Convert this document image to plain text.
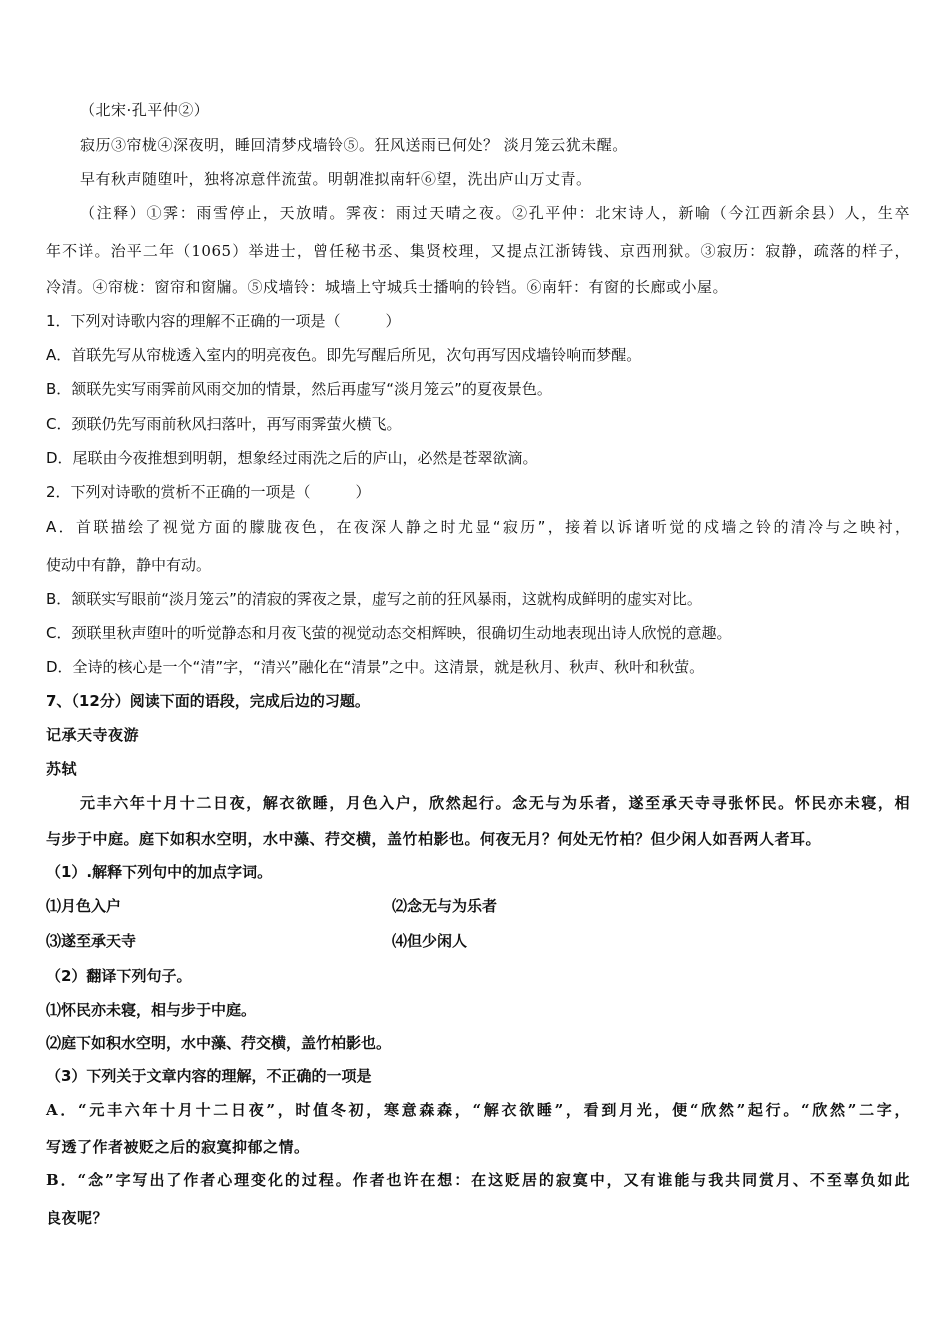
（北宋·孔平仲②）
寂历③帘栊④深夜明，睡回清梦戍墙铃⑤。狂风送雨已何处？ 淡月笼云犹未醒。
早有秋声随堕叶，独将凉意伴流萤。明朝准拟南轩⑥望，洗出庐山万丈青。
（注释）①霁：雨雪停止，天放晴。霁夜：雨过天晴之夜。②孔平仲：北宋诗人，新喻（今江西新余县）人，生卒
年不详。治平二年（1065）举进士，曾任秘书丞、集贤校理，又提点江浙铸钱、京西刑狱。③寂历：寂静，疏落的样子，
冷清。④帘栊：窗帘和窗牖。⑤戍墙铃：城墙上守城兵士播响的铃铛。⑥南轩：有窗的长廊或小屋。
1．下列对诗歌内容的理解不正确的一项是（　　　）
A．首联先写从帘栊透入室内的明亮夜色。即先写醒后所见，次句再写因戍墙铃响而梦醒。
B．颔联先实写雨霁前风雨交加的情景，然后再虚写“淡月笼云”的夏夜景色。
C．颈联仍先写雨前秋风扫落叶，再写雨霁萤火横飞。
D．尾联由今夜推想到明朝，想象经过雨洗之后的庐山，必然是苍翠欲滴。
2．下列对诗歌的赏析不正确的一项是（　　　）
A．首联描绘了视觉方面的朦胧夜色，在夜深人静之时尤显“寂历”，接着以诉诸听觉的戍墙之铃的清冷与之映衬，
使动中有静，静中有动。
B．颔联实写眼前“淡月笼云”的清寂的霁夜之景，虚写之前的狂风暴雨，这就构成鲜明的虚实对比。
C．颈联里秋声堕叶的听觉静态和月夜飞萤的视觉动态交相辉映，很确切生动地表现出诗人欣悦的意趣。
D．全诗的核心是一个“清”字，“清兴”融化在“清景”之中。这清景，就是秋月、秋声、秋叶和秋萤。
7、（12分）阅读下面的语段，完成后边的习题。
记承天寺夜游
苏轼
元丰六年十月十二日夜，解衣欲睡，月色入户，欣然起行。念无与为乐者，遂至承天寺寻张怀民。怀民亦未寝，相
与步于中庭。庭下如积水空明，水中藻、荇交横，盖竹柏影也。何夜无月？何处无竹柏？但少闲人如吾两人者耳。
（1）.解释下列句中的加点字词。
⑴月色入户	⑵念无与为乐者
⑶遂至承天寺	⑷但少闲人
（2）翻译下列句子。
⑴怀民亦未寝，相与步于中庭。
⑵庭下如积水空明，水中藻、荇交横，盖竹柏影也。
（3）下列关于文章内容的理解，不正确的一项是
A．“元丰六年十月十二日夜”，时值冬初，寒意森森，“解衣欲睡”，看到月光，便“欣然”起行。“欣然”二字，
写透了作者被贬之后的寂寞抑郁之情。
B．“念”字写出了作者心理变化的过程。作者也许在想：在这贬居的寂寞中，又有谁能与我共同赏月、不至辜负如此
良夜呢？
